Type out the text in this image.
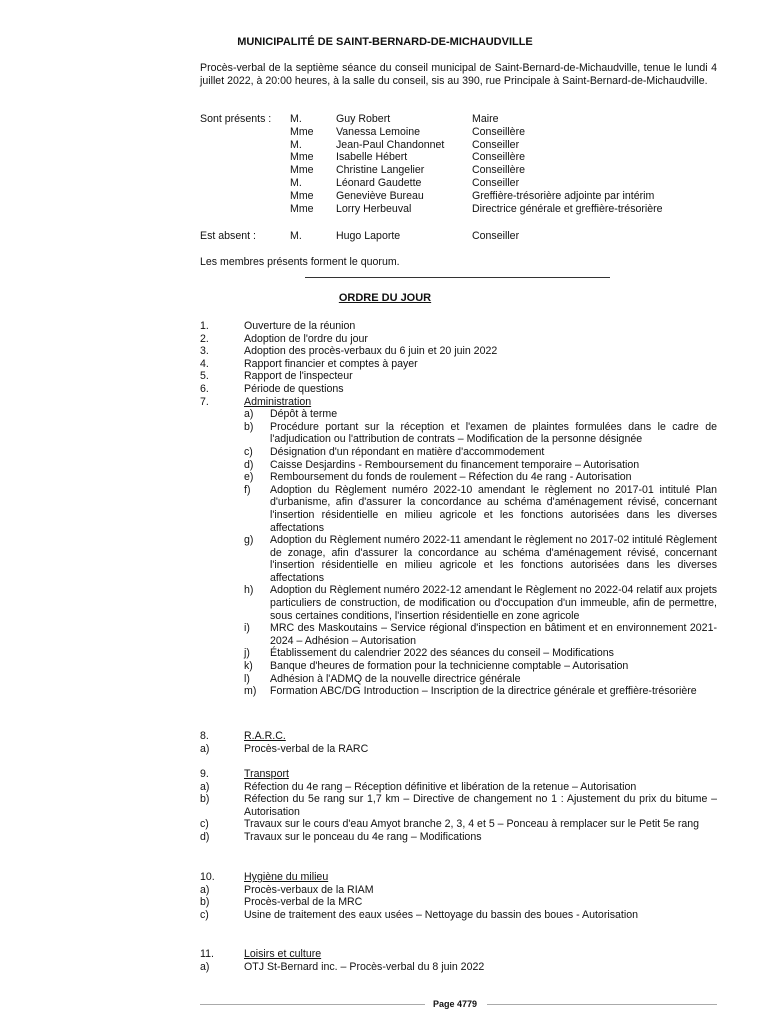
MUNICIPALITÉ DE SAINT-BERNARD-DE-MICHAUDVILLE
Procès-verbal de la septième séance du conseil municipal de Saint-Bernard-de-Michaudville, tenue le lundi 4 juillet 2022, à 20:00 heures, à la salle du conseil, sis au 390, rue Principale à Saint-Bernard-de-Michaudville.
Sont présents : M.	Guy Robert	Maire
Mme Vanessa Lemoine	Conseillère
M.	Jean-Paul Chandonnet	Conseiller
Mme Isabelle Hébert	Conseillère
Mme Christine Langelier	Conseillère
M.	Léonard Gaudette	Conseiller
Mme Geneviève Bureau	Greffière-trésorière adjointe par intérim
Mme Lorry Herbeuval	Directrice générale et greffière-trésorière
Est absent :	M.	Hugo Laporte	Conseiller
Les membres présents forment le quorum.
ORDRE DU JOUR
1.	Ouverture de la réunion
2.	Adoption de l'ordre du jour
3.	Adoption des procès-verbaux du 6 juin et 20 juin 2022
4.	Rapport financier et comptes à payer
5.	Rapport de l'inspecteur
6.	Période de questions
7.	Administration
a) Dépôt à terme
b) Procédure portant sur la réception et l'examen de plaintes formulées dans le cadre de l'adjudication ou l'attribution de contrats – Modification de la personne désignée
c) Désignation d'un répondant en matière d'accommodement
d) Caisse Desjardins - Remboursement du financement temporaire – Autorisation
e) Remboursement du fonds de roulement – Réfection du 4e rang - Autorisation
f) Adoption du Règlement numéro 2022-10 amendant le règlement no 2017-01 intitulé Plan d'urbanisme, afin d'assurer la concordance au schéma d'aménagement révisé, concernant l'insertion résidentielle en milieu agricole et les fonctions autorisées dans les diverses affectations
g) Adoption du Règlement numéro 2022-11 amendant le règlement no 2017-02 intitulé Règlement de zonage, afin d'assurer la concordance au schéma d'aménagement révisé, concernant l'insertion résidentielle en milieu agricole et les fonctions autorisées dans les diverses affectations
h) Adoption du Règlement numéro 2022-12 amendant le Règlement no 2022-04 relatif aux projets particuliers de construction, de modification ou d'occupation d'un immeuble, afin de permettre, sous certaines conditions, l'insertion résidentielle en zone agricole
i) MRC des Maskoutains – Service régional d'inspection en bâtiment et en environnement 2021-2024 – Adhésion – Autorisation
j) Établissement du calendrier 2022 des séances du conseil – Modifications
k) Banque d'heures de formation pour la technicienne comptable – Autorisation
l) Adhésion à l'ADMQ de la nouvelle directrice générale
m) Formation ABC/DG Introduction – Inscription de la directrice générale et greffière-trésorière
8.	R.A.R.C.
a)	Procès-verbal de la RARC
9.	Transport
a)	Réfection du 4e rang – Réception définitive et libération de la retenue – Autorisation
b)	Réfection du 5e rang sur 1,7 km – Directive de changement no 1 : Ajustement du prix du bitume – Autorisation
c)	Travaux sur le cours d'eau Amyot branche 2, 3, 4 et 5 – Ponceau à remplacer sur le Petit 5e rang
d)	Travaux sur le ponceau du 4e rang – Modifications
10.	Hygiène du milieu
a)	Procès-verbaux de la RIAM
b)	Procès-verbal de la MRC
c)	Usine de traitement des eaux usées – Nettoyage du bassin des boues - Autorisation
11.	Loisirs et culture
a)	OTJ St-Bernard inc. – Procès-verbal du 8 juin 2022
Page 4779
